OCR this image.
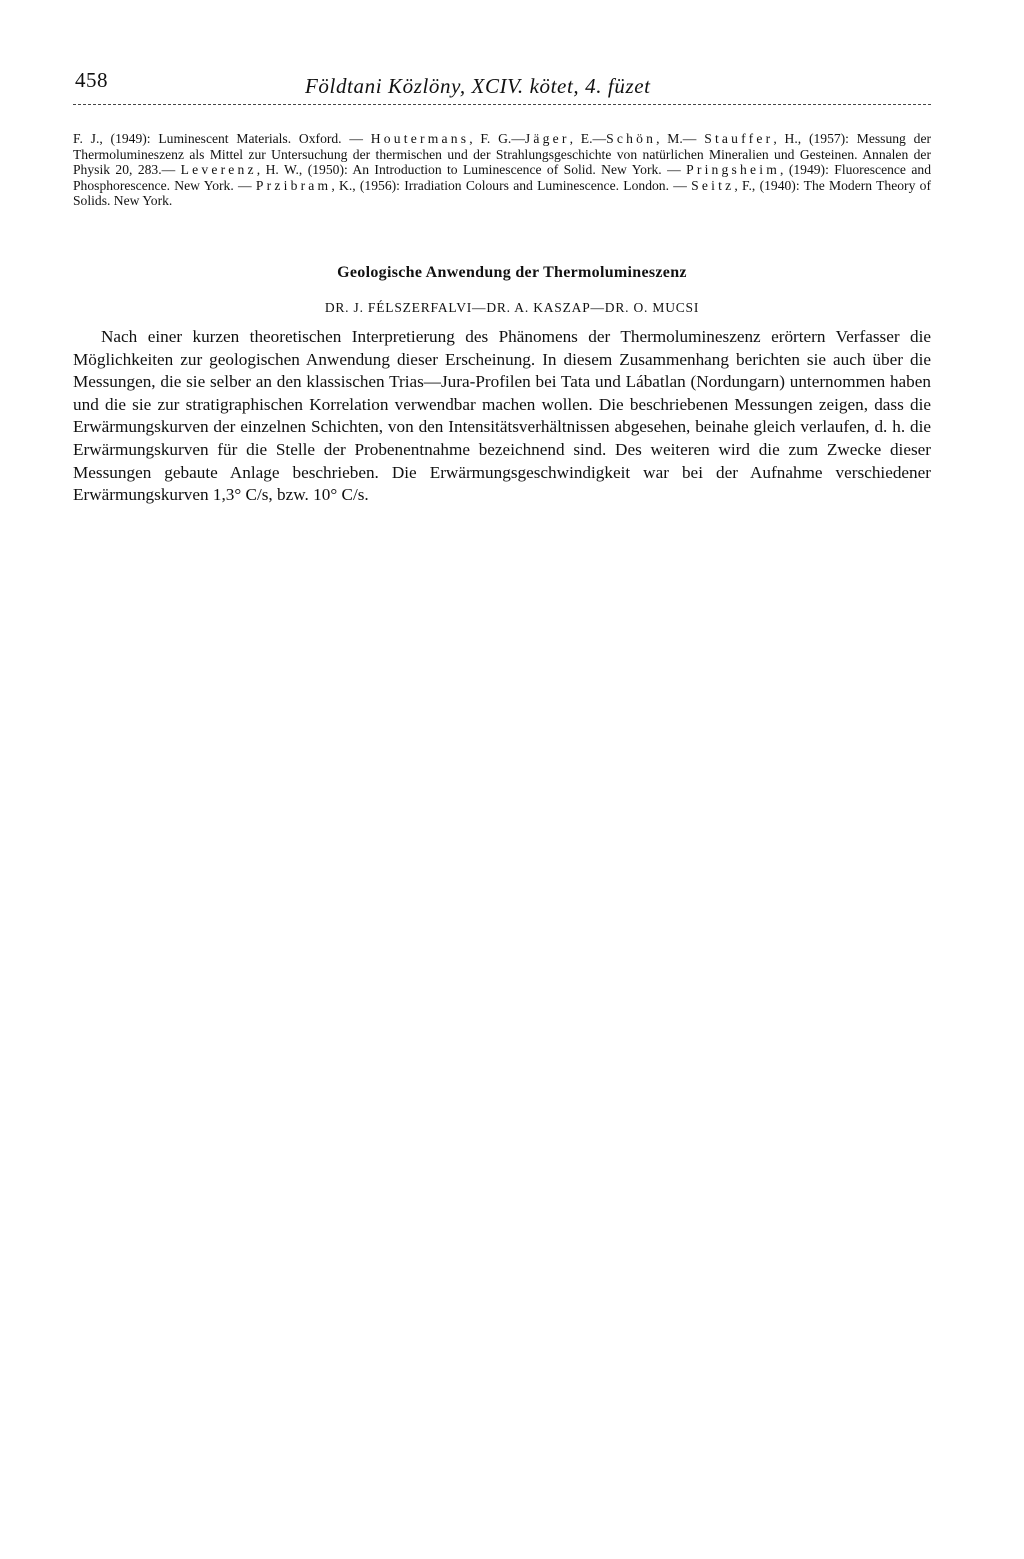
458	Földtani Közlöny, XCIV. kötet, 4. füzet
F. J., (1949): Luminescent Materials. Oxford. — Houtermans, F. G.—Jäger, E.—Schön, M.— Stauffer, H., (1957): Messung der Thermolumineszenz als Mittel zur Untersuchung der thermischen und der Strahlungsgeschichte von natürlichen Mineralien und Gesteinen. Annalen der Physik 20, 283.— Leverenz, H. W., (1950): An Introduction to Luminescence of Solid. New York. — Pringsheim, (1949): Fluorescence and Phosphorescence. New York. — Przibram, K., (1956): Irradiation Colours and Luminescence. London. — Seitz, F., (1940): The Modern Theory of Solids. New York.
Geologische Anwendung der Thermolumineszenz
DR. J. FÉLSZERFALVI—DR. A. KASZAP—DR. O. MUCSI

Nach einer kurzen theoretischen Interpretierung des Phänomens der Thermolumineszenz erörtern Verfasser die Möglichkeiten zur geologischen Anwendung dieser Erscheinung. In diesem Zusammenhang berichten sie auch über die Messungen, die sie selber an den klassischen Trias—Jura-Profilen bei Tata und Lábatlan (Nordungarn) unternommen haben und die sie zur stratigraphischen Korrelation verwendbar machen wollen. Die beschriebenen Messungen zeigen, dass die Erwärmungskurven der einzelnen Schichten, von den Intensitätsverhältnissen abgesehen, beinahe gleich verlaufen, d. h. die Erwärmungskurven für die Stelle der Probenentnahme bezeichnend sind. Des weiteren wird die zum Zwecke dieser Messungen gebaute Anlage beschrieben. Die Erwärmungsgeschwindigkeit war bei der Aufnahme verschiedener Erwärmungskurven 1,3° C/s, bzw. 10° C/s.
